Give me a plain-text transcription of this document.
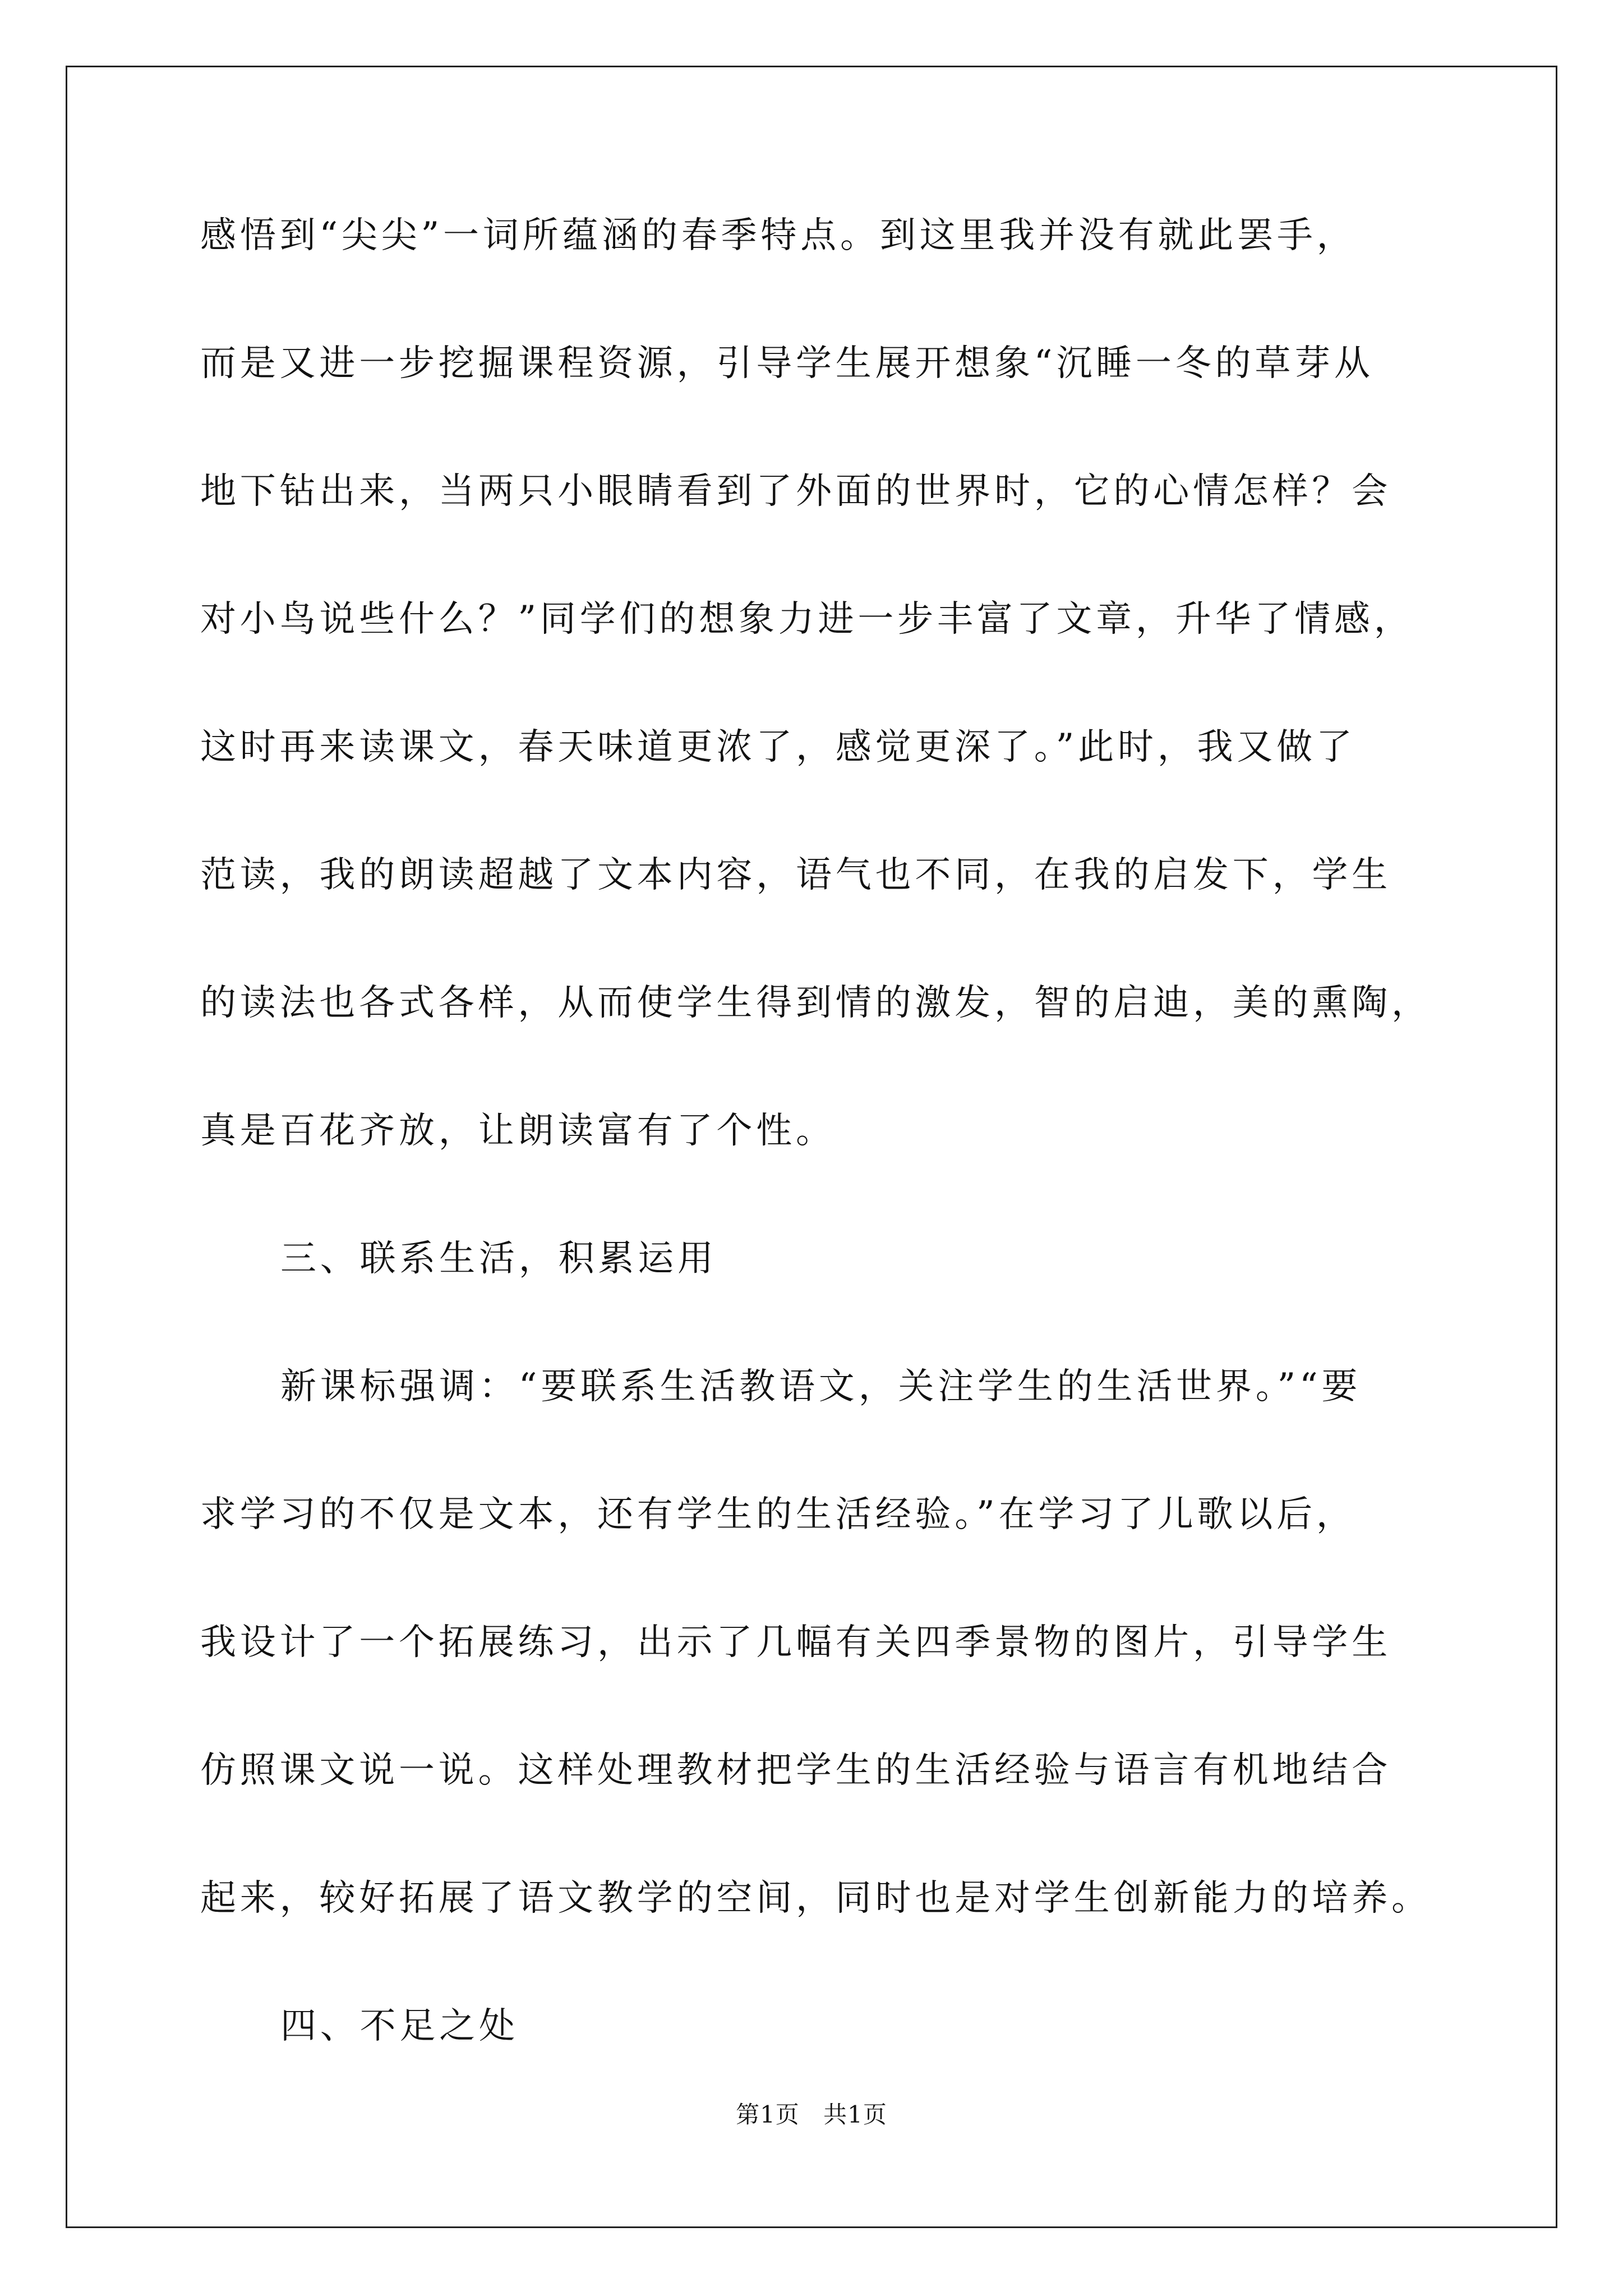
感悟到“尖尖”一词所蕴涵的春季特点。到这里我并没有就此罢手，
而是又进一步挖掘课程资源，引导学生展开想象“沉睡一冬的草芽从
地下钻出来，当两只小眼睛看到了外面的世界时，它的心情怎样？会
对小鸟说些什么？”同学们的想象力进一步丰富了文章，升华了情感，
这时再来读课文，春天味道更浓了，感觉更深了。”此时，我又做了
范读，我的朗读超越了文本内容，语气也不同，在我的启发下，学生
的读法也各式各样，从而使学生得到情的激发，智的启迪，美的熏陶，
真是百花齐放，让朗读富有了个性。
三、联系生活，积累运用
新课标强调：“要联系生活教语文，关注学生的生活世界。”“要
求学习的不仅是文本，还有学生的生活经验。”在学习了儿歌以后，
我设计了一个拓展练习，出示了几幅有关四季景物的图片，引导学生
仿照课文说一说。这样处理教材把学生的生活经验与语言有机地结合
起来，较好拓展了语文教学的空间，同时也是对学生创新能力的培养。
四、不足之处
第1页 共1页
